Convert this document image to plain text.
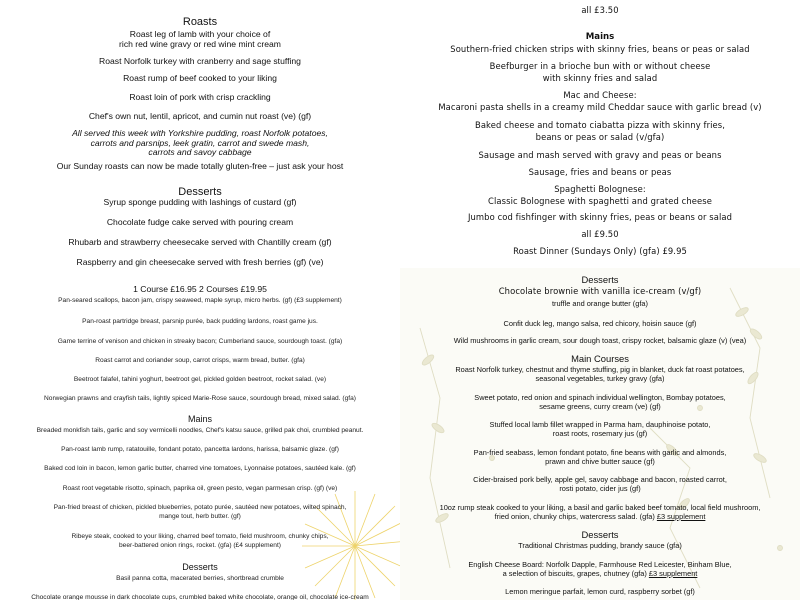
Roasts
Roast leg of lamb with your choice of
rich red wine gravy or red wine mint cream
Roast Norfolk turkey with cranberry and sage stuffing
Roast rump of beef cooked to your liking
Roast loin of pork with crisp crackling
Chef's own nut, lentil, apricot, and cumin nut roast (ve) (gf)
All served this week with Yorkshire pudding, roast Norfolk potatoes,
carrots and parsnips, leek gratin, carrot and swede mash,
carrots and savoy cabbage
Our Sunday roasts can now be made totally gluten-free – just ask your host
Desserts
Syrup sponge pudding with lashings of custard (gf)
Chocolate fudge cake served with pouring cream
Rhubarb and strawberry cheesecake served with Chantilly cream (gf)
Raspberry and gin cheesecake served with fresh berries (gf) (ve)
1 Course £16.95 2 Courses £19.95
Pan-seared scallops, bacon jam, crispy seaweed, maple syrup, micro herbs. (gf) (£3 supplement)
Pan-roast partridge breast, parsnip purée, back pudding lardons, roast game jus.
Game terrine of venison and chicken in streaky bacon; Cumberland sauce, sourdough toast. (gfa)
Roast carrot and coriander soup, carrot crisps, warm bread, butter. (gfa)
Beetroot falafel, tahini yoghurt, beetroot gel, pickled golden beetroot, rocket salad. (ve)
Norwegian prawns and crayfish tails, lightly spiced Marie-Rose sauce, sourdough bread, mixed salad. (gfa)
Mains
Breaded monkfish tails, garlic and soy vermicelli noodles, Chef's katsu sauce, grilled pak choi, crumbled peanut.
Pan-roast lamb rump, ratatouille, fondant potato, pancetta lardons, harissa, balsamic glaze. (gf)
Baked cod loin in bacon, lemon garlic butter, charred vine tomatoes, Lyonnaise potatoes, sautéed kale. (gf)
Roast root vegetable risotto, spinach, paprika oil, green pesto, vegan parmesan crisp. (gf) (ve)
Pan-fried breast of chicken, pickled blueberries, potato purée, sautéed new potatoes, wilted spinach,
mange tout, herb butter. (gf)
Ribeye steak, cooked to your liking, charred beef tomato, field mushroom, chunky chips,
beer-battered onion rings, rocket. (gfa) (£4 supplement)
Desserts
Basil panna cotta, macerated berries, shortbread crumble
Chocolate orange mousse in dark chocolate cups, crumbled baked white chocolate, orange oil, chocolate ice-cream
all £3.50
Mains
Southern-fried chicken strips with skinny fries, beans or peas or salad
Beefburger in a brioche bun with or without cheese
with skinny fries and salad
Mac and Cheese:
Macaroni pasta shells in a creamy mild Cheddar sauce with garlic bread (v)
Baked cheese and tomato ciabatta pizza with skinny fries,
beans or peas or salad (v/gfa)
Sausage and mash served with gravy and peas or beans
Sausage, fries and beans or peas
Spaghetti Bolognese:
Classic Bolognese with spaghetti and grated cheese
Jumbo cod fishfinger with skinny fries, peas or beans or salad
all £9.50
Roast Dinner (Sundays Only) (gfa) £9.95
Desserts
Chocolate brownie with vanilla ice-cream (v/gf)
truffle and orange butter (gfa)
Confit duck leg, mango salsa, red chicory, hoisin sauce (gf)
Wild mushrooms in garlic cream, sour dough toast, crispy rocket, balsamic glaze (v) (vea)
Main Courses
Roast Norfolk turkey, chestnut and thyme stuffing, pig in blanket, duck fat roast potatoes,
seasonal vegetables, turkey gravy (gfa)
Sweet potato, red onion and spinach individual wellington, Bombay potatoes,
sesame greens, curry cream (ve) (gf)
Stuffed local lamb fillet wrapped in Parma ham, dauphinoise potato,
roast roots, rosemary jus (gf)
Pan-fried seabass, lemon fondant potato, fine beans with garlic and almonds,
prawn and chive butter sauce (gf)
Cider-braised pork belly, apple gel, savoy cabbage and bacon, roasted carrot,
rosti potato, cider jus (gf)
10oz rump steak cooked to your liking, a basil and garlic baked beef tomato, local field mushroom,
fried onion, chunky chips, watercress salad. (gfa) £3 supplement
Desserts
Traditional Christmas pudding, brandy sauce (gfa)
English Cheese Board: Norfolk Dapple, Farmhouse Red Leicester, Binham Blue,
a selection of biscuits, grapes, chutney (gfa) £3 supplement
Lemon meringue parfait, lemon curd, raspberry sorbet (gf)
